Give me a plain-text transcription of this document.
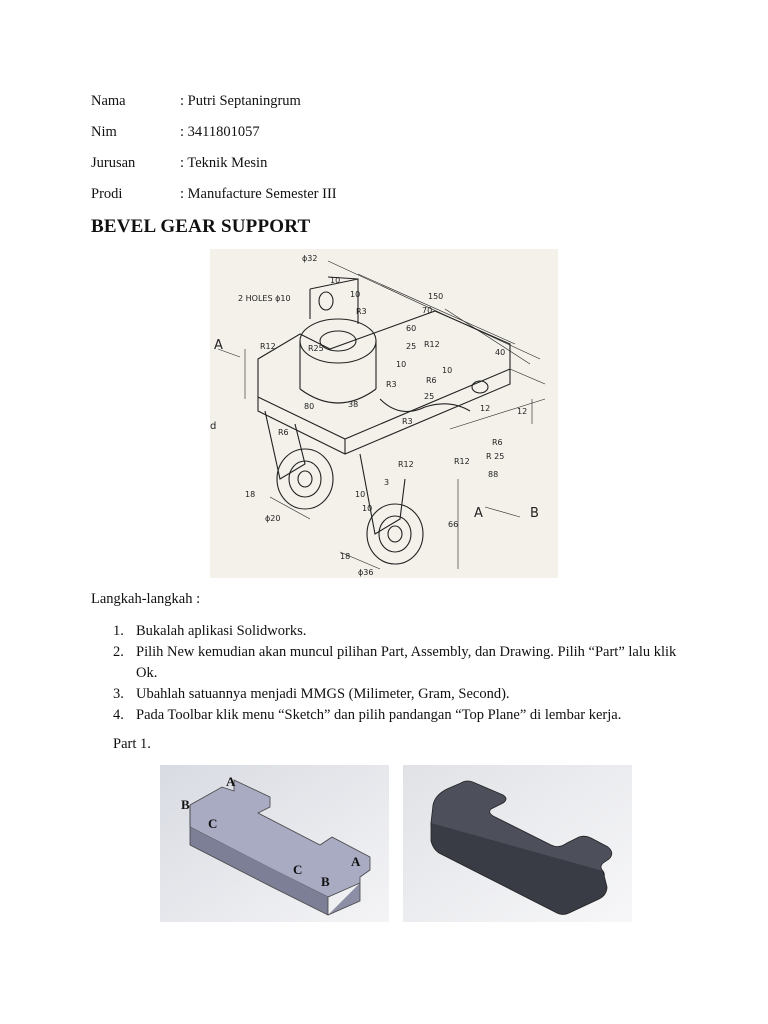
Nama	: Putri Septaningrum
Nim	: 3411801057
Jurusan	: Teknik Mesin
Prodi	: Manufacture Semester III
BEVEL GEAR SUPPORT
ϕ32
2 HOLES ϕ10
10
10
R3
150
70
60
25 R12
R12	R25
10
40
R6
R3
38
25
10
80	12	12
R3
R6
R 25
R12
R12
88
R6
3
10
10
18
ϕ20
18
ϕ36
66
A
A	B
d
Langkah-langkah :
1. Bukalah aplikasi Solidworks.
2. Pilih New kemudian akan muncul pilihan Part, Assembly, dan Drawing. Pilih “Part” lalu klik Ok.
3. Ubahlah satuannya menjadi MMGS (Milimeter, Gram, Second).
4. Pada Toolbar klik menu “Sketch” dan pilih pandangan “Top Plane” di lembar kerja.
Part 1.
A
B
C
C
B
A
